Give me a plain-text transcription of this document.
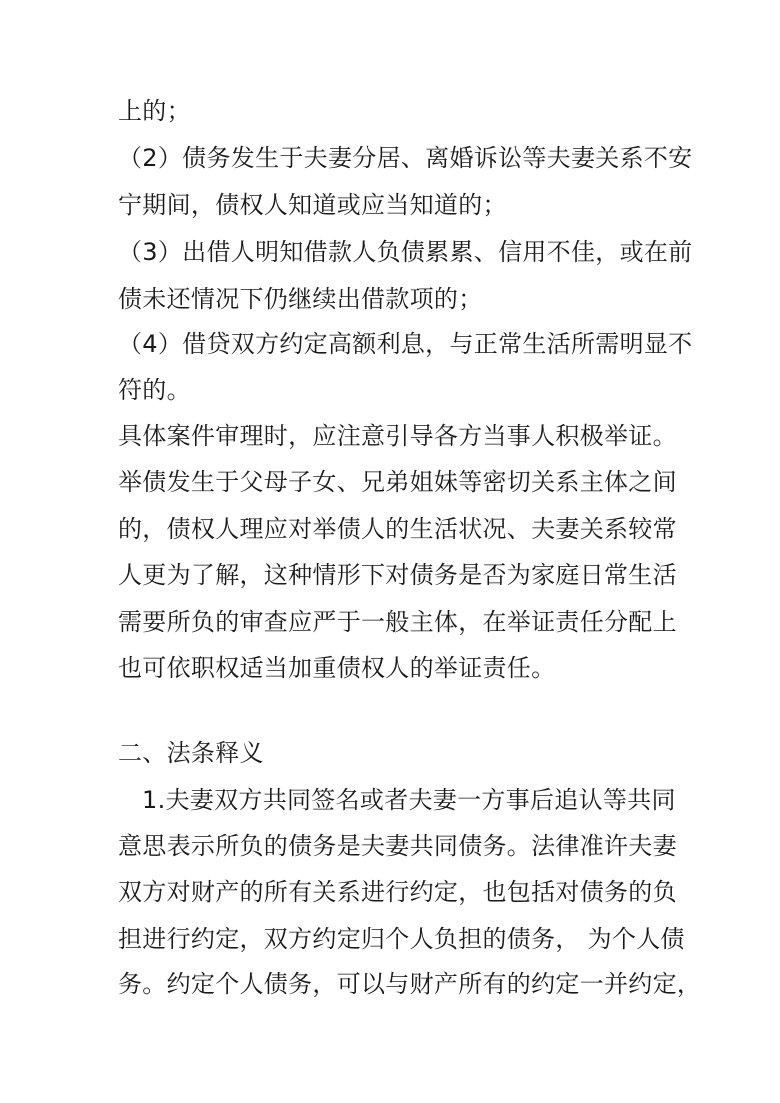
上的；
（2）债务发生于夫妻分居、离婚诉讼等夫妻关系不安
宁期间，债权人知道或应当知道的；
（3）出借人明知借款人负债累累、信用不佳，或在前
债未还情况下仍继续出借款项的；
（4）借贷双方约定高额利息，与正常生活所需明显不
符的。
具体案件审理时，应注意引导各方当事人积极举证。
举债发生于父母子女、兄弟姐妹等密切关系主体之间
的，债权人理应对举债人的生活状况、夫妻关系较常
人更为了解，这种情形下对债务是否为家庭日常生活
需要所负的审查应严于一般主体，在举证责任分配上
也可依职权适当加重债权人的举证责任。
二、法条释义
1.夫妻双方共同签名或者夫妻一方事后追认等共同
意思表示所负的债务是夫妻共同债务。法律准许夫妻
双方对财产的所有关系进行约定，也包括对债务的负
担进行约定，双方约定归个人负担的债务， 为个人债
务。约定个人债务，可以与财产所有的约定一并约定，
